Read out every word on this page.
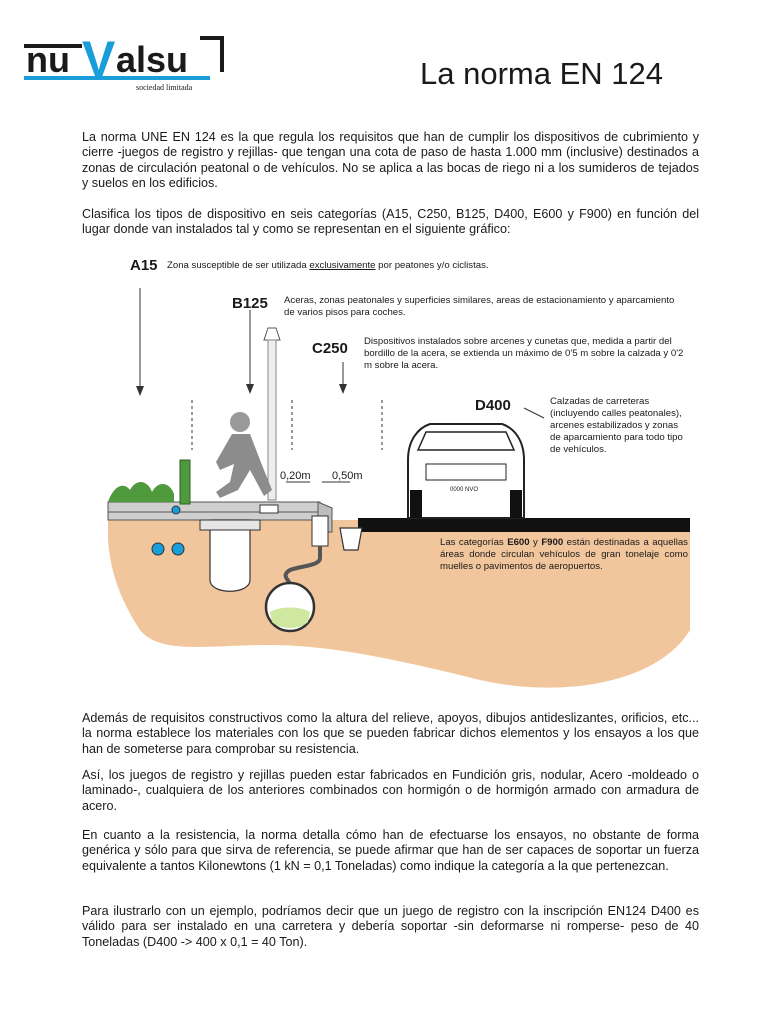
nu V alsu
sociedad limitada	La norma EN 124
La norma UNE EN 124 es la que regula los requisitos que han de cumplir los dispositivos de cubrimiento y cierre -juegos de registro y rejillas- que tengan una cota de paso de hasta 1.000 mm (inclusive) destinados a zonas de circulación peatonal o de vehículos. No se aplica a las bocas de riego ni a los sumideros de tejados y suelos en los edificios.
Clasifica los tipos de dispositivo en seis categorías (A15, C250, B125, D400, E600 y F900) en función del lugar donde van instalados tal y como se representan en el siguiente gráfico:
0000 NVO
A15 Zona susceptible de ser utilizada exclusivamente por peatones y/o ciclistas.
B125 Aceras, zonas peatonales y superficies similares, areas de estacionamiento y aparcamiento de varios pisos para coches.
C250 Dispositivos instalados sobre arcenes y cunetas que, medida a partir del bordillo de la acera, se extienda un máximo de 0'5 m sobre la calzada y 0'2 m sobre la acera.
D400	Calzadas de carreteras (incluyendo calles peatonales), arcenes estabilizados y zonas de aparcamiento para todo tipo de vehículos.
0,20m 0,50m
Las categorías E600 y F900 están destinadas a aquellas áreas donde circulan vehículos de gran tonelaje como muelles o pavimentos de aeropuertos.
Además de requisitos constructivos como la altura del relieve, apoyos, dibujos antideslizantes, orificios, etc... la norma establece los materiales con los que se pueden fabricar dichos elementos y los ensayos a los que han de someterse para comprobar su resistencia.
Así, los juegos de registro y rejillas pueden estar fabricados en Fundición gris, nodular, Acero -moldeado o laminado-, cualquiera de los anteriores combinados con hormigón o de hormigón armado con armadura de acero.
En cuanto a la resistencia, la norma detalla cómo han de efectuarse los ensayos, no obstante de forma genérica y sólo para que sirva de referencia, se puede afirmar que han de ser capaces de soportar un fuerza equivalente a tantos Kilonewtons (1 kN = 0,1 Toneladas) como indique la categoría a la que pertenezcan.
Para ilustrarlo con un ejemplo, podríamos decir que un juego de registro con la inscripción EN124 D400 es válido para ser instalado en una carretera y debería soportar -sin deformarse ni romperse- peso de 40 Toneladas (D400 -> 400 x 0,1 = 40 Ton).
